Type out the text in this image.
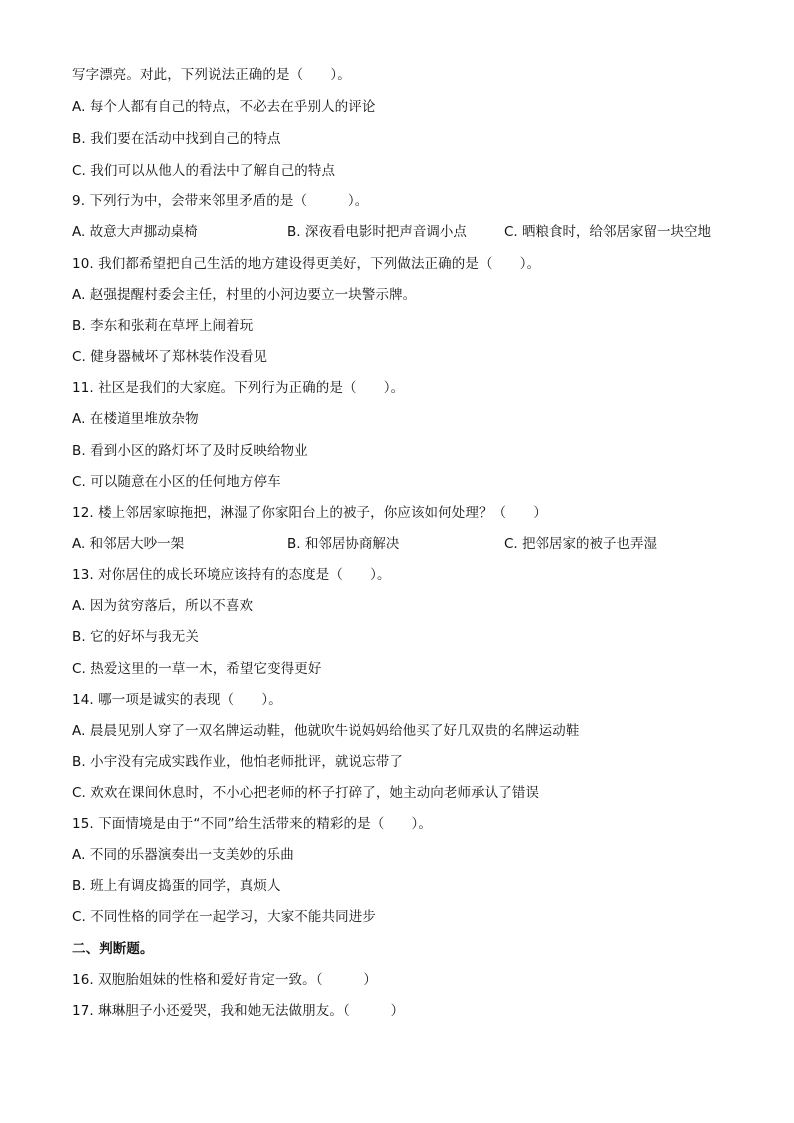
写字漂亮。对此，下列说法正确的是（　　）。
A. 每个人都有自己的特点，不必去在乎别人的评论
B. 我们要在活动中找到自己的特点
C. 我们可以从他人的看法中了解自己的特点
9. 下列行为中，会带来邻里矛盾的是（　　　）。
A. 故意大声挪动桌椅	B. 深夜看电影时把声音调小点	C. 晒粮食时，给邻居家留一块空地
10. 我们都希望把自己生活的地方建设得更美好，下列做法正确的是（　　）。
A. 赵强提醒村委会主任，村里的小河边要立一块警示牌。
B. 李东和张莉在草坪上闹着玩
C. 健身器械坏了郑林装作没看见
11. 社区是我们的大家庭。下列行为正确的是（　　）。
A. 在楼道里堆放杂物
B. 看到小区的路灯坏了及时反映给物业
C. 可以随意在小区的任何地方停车
12. 楼上邻居家晾拖把，淋湿了你家阳台上的被子，你应该如何处理？（　　）
A. 和邻居大吵一架	B. 和邻居协商解决	C. 把邻居家的被子也弄湿
13. 对你居住的成长环境应该持有的态度是（　　）。
A. 因为贫穷落后，所以不喜欢
B. 它的好坏与我无关
C. 热爱这里的一草一木，希望它变得更好
14. 哪一项是诚实的表现（　　）。
A. 晨晨见别人穿了一双名牌运动鞋，他就吹牛说妈妈给他买了好几双贵的名牌运动鞋
B. 小宇没有完成实践作业，他怕老师批评，就说忘带了
C. 欢欢在课间休息时，不小心把老师的杯子打碎了，她主动向老师承认了错误
15. 下面情境是由于“不同”给生活带来的精彩的是（　　）。
A. 不同的乐器演奏出一支美妙的乐曲
B. 班上有调皮捣蛋的同学，真烦人
C. 不同性格的同学在一起学习，大家不能共同进步
二、判断题。
16. 双胞胎姐妹的性格和爱好肯定一致。（　　　）
17. 琳琳胆子小还爱哭，我和她无法做朋友。（　　　）
